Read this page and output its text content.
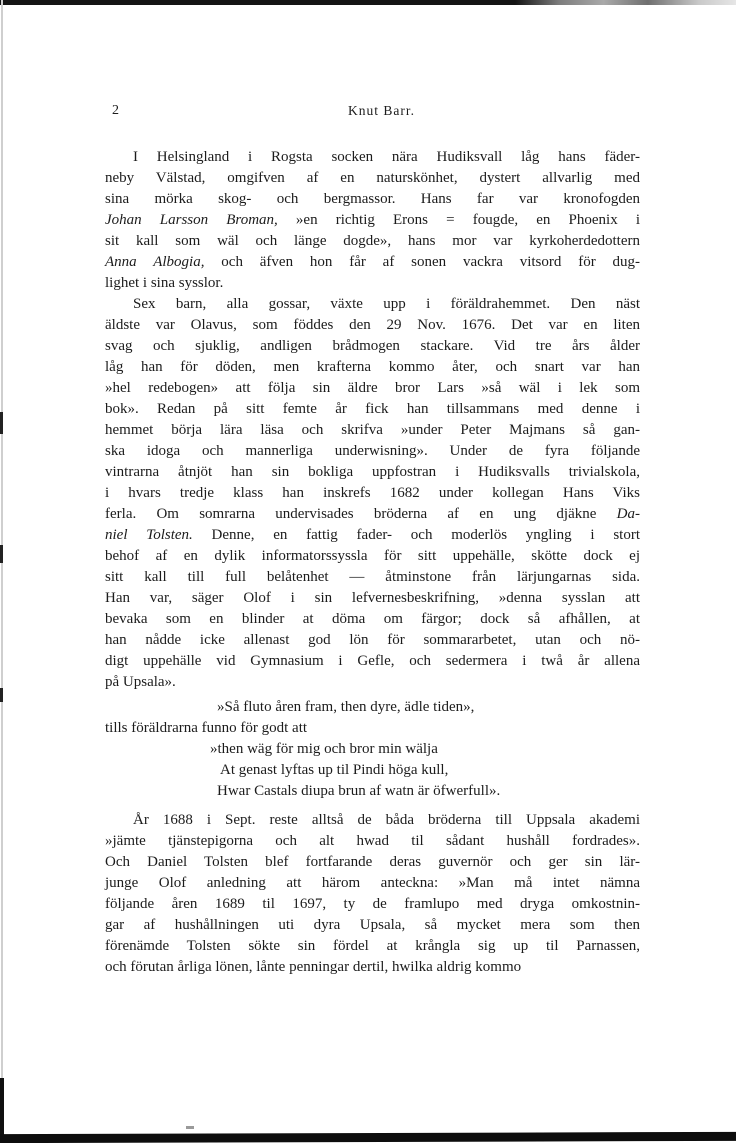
2	Knut Barr.
I Helsingland i Rogsta socken nära Hudiksvall låg hans fäder-
neby Välstad, omgifven af en naturskönhet, dystert allvarlig med
sina mörka skog- och bergmassor. Hans far var kronofogden
Johan Larsson Broman, »en richtig Erons = fougde, en Phoenix i
sit kall som wäl och länge dogde», hans mor var kyrkoherdedottern
Anna Albogia, och äfven hon får af sonen vackra vitsord för dug-
lighet i sina sysslor.
Sex barn, alla gossar, växte upp i föräldrahemmet. Den näst
äldste var Olavus, som föddes den 29 Nov. 1676. Det var en liten
svag och sjuklig, andligen brådmogen stackare. Vid tre års ålder
låg han för döden, men krafterna kommo åter, och snart var han
»hel redebogen» att följa sin äldre bror Lars »så wäl i lek som
bok». Redan på sitt femte år fick han tillsammans med denne i
hemmet börja lära läsa och skrifva »under Peter Majmans så gan-
ska idoga och mannerliga underwisning». Under de fyra följande
vintrarna åtnjöt han sin bokliga uppfostran i Hudiksvalls trivialskola,
i hvars tredje klass han inskrefs 1682 under kollegan Hans Viks
ferla. Om somrarna undervisades bröderna af en ung djäkne Da-
niel Tolsten. Denne, en fattig fader- och moderlös yngling i stort
behof af en dylik informatorssyssla för sitt uppehälle, skötte dock ej
sitt kall till full belåtenhet — åtminstone från lärjungarnas sida.
Han var, säger Olof i sin lefvernesbeskrifning, »denna sysslan att
bevaka som en blinder at döma om färgor; dock så afhållen, at
han nådde icke allenast god lön för sommararbetet, utan och nö-
digt uppehälle vid Gymnasium i Gefle, och sedermera i twå år allena
på Upsala».
»Så fluto åren fram, then dyre, ädle tiden»,
tills föräldrarna funno för godt att
»then wäg för mig och bror min wälja
At genast lyftas up til Pindi höga kull,
Hwar Castals diupa brun af watn är öfwerfull».
År 1688 i Sept. reste alltså de båda bröderna till Uppsala akademi
»jämte tjänstepigorna och alt hwad til sådant hushåll fordrades».
Och Daniel Tolsten blef fortfarande deras guvernör och ger sin lär-
junge Olof anledning att härom anteckna: »Man må intet nämna
följande åren 1689 til 1697, ty de framlupo med dryga omkostnin-
gar af hushållningen uti dyra Upsala, så mycket mera som then
förenämde Tolsten sökte sin fördel at krångla sig up til Parnassen,
och förutan årliga lönen, lånte penningar dertil, hwilka aldrig kommo
